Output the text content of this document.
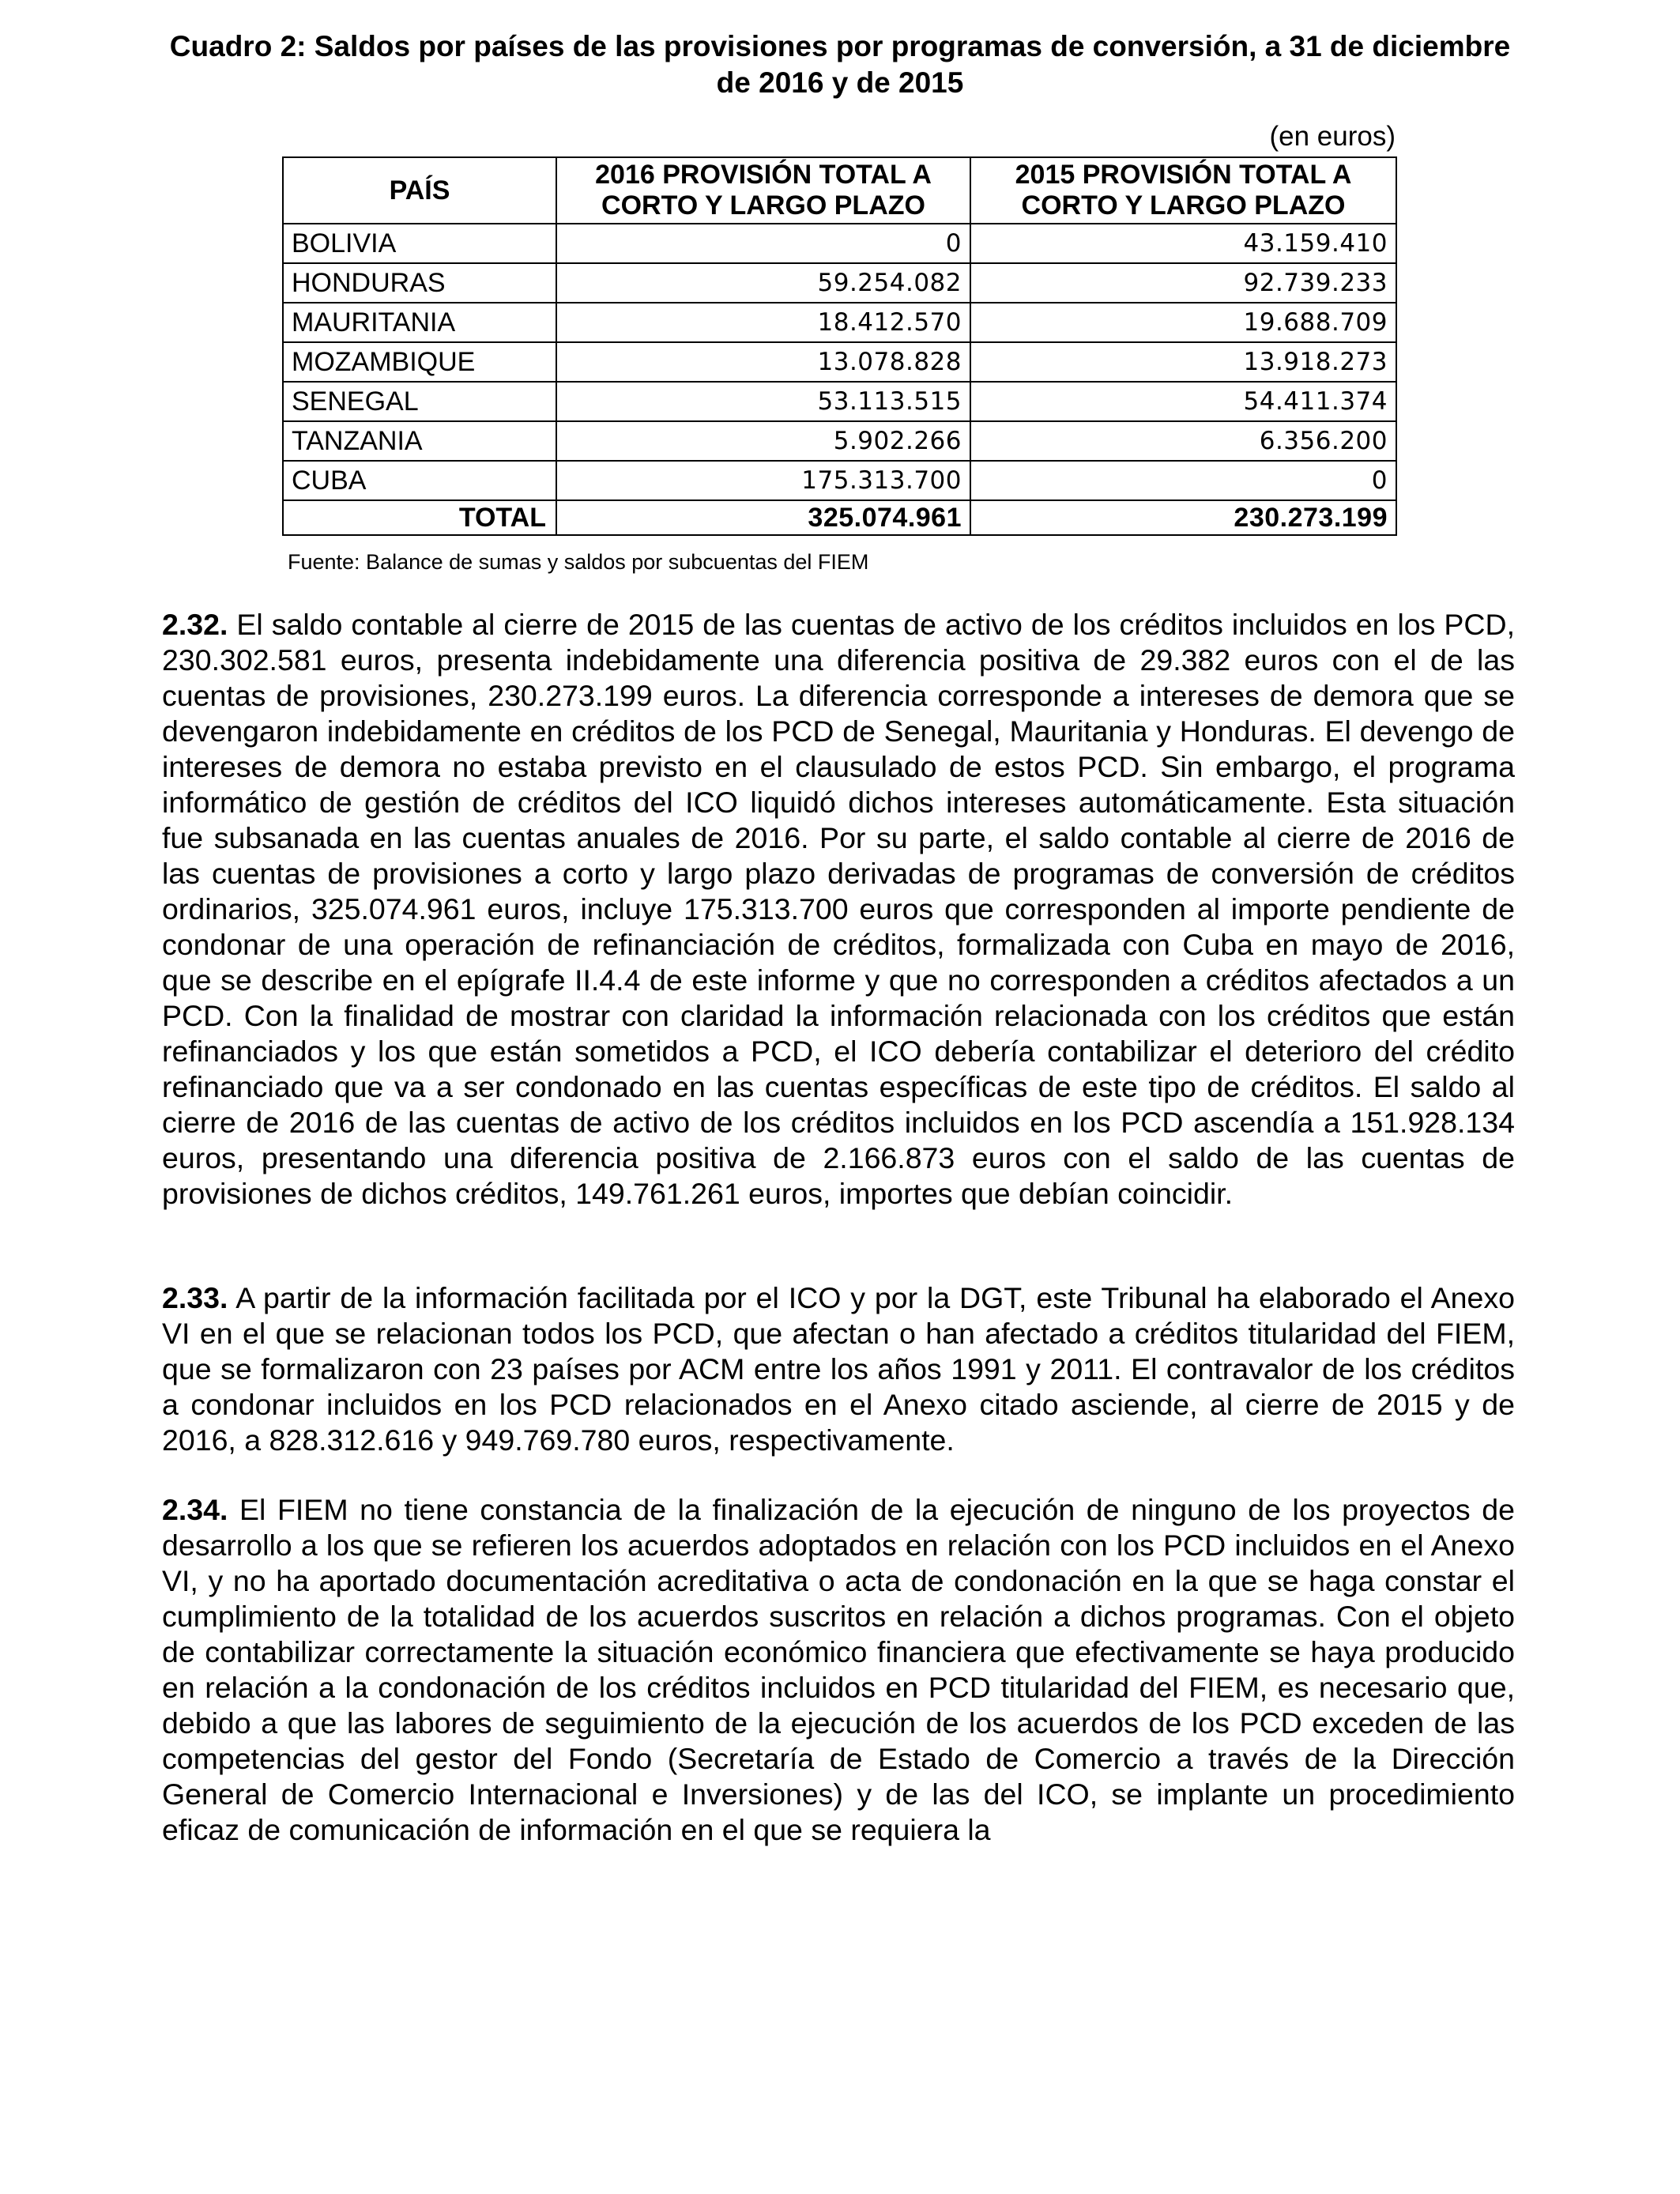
Cuadro 2: Saldos por países de las provisiones por programas de conversión, a 31 de diciembre de 2016 y de 2015
(en euros)
PAÍS	2016 PROVISIÓN TOTAL A CORTO Y LARGO PLAZO	2015 PROVISIÓN TOTAL A CORTO Y LARGO PLAZO
BOLIVIA	0	43.159.410
HONDURAS	59.254.082	92.739.233
MAURITANIA	18.412.570	19.688.709
MOZAMBIQUE	13.078.828	13.918.273
SENEGAL	53.113.515	54.411.374
TANZANIA	5.902.266	6.356.200
CUBA	175.313.700	0
TOTAL	325.074.961	230.273.199
Fuente: Balance de sumas y saldos por subcuentas del FIEM

2.32. El saldo contable al cierre de 2015 de las cuentas de activo de los créditos incluidos en los PCD, 230.302.581 euros, presenta indebidamente una diferencia positiva de 29.382 euros con el de las cuentas de provisiones, 230.273.199 euros. La diferencia corresponde a intereses de demora que se devengaron indebidamente en créditos de los PCD de Senegal, Mauritania y Honduras. El devengo de intereses de demora no estaba previsto en el clausulado de estos PCD. Sin embargo, el programa informático de gestión de créditos del ICO liquidó dichos intereses automáticamente. Esta situación fue subsanada en las cuentas anuales de 2016. Por su parte, el saldo contable al cierre de 2016 de las cuentas de provisiones a corto y largo plazo derivadas de programas de conversión de créditos ordinarios, 325.074.961 euros, incluye 175.313.700 euros que corresponden al importe pendiente de condonar de una operación de refinanciación de créditos, formalizada con Cuba en mayo de 2016, que se describe en el epígrafe II.4.4 de este informe y que no corresponden a créditos afectados a un PCD. Con la finalidad de mostrar con claridad la información relacionada con los créditos que están refinanciados y los que están sometidos a PCD, el ICO debería contabilizar el deterioro del crédito refinanciado que va a ser condonado en las cuentas específicas de este tipo de créditos. El saldo al cierre de 2016 de las cuentas de activo de los créditos incluidos en los PCD ascendía a 151.928.134 euros, presentando una diferencia positiva de 2.166.873 euros con el saldo de las cuentas de provisiones de dichos créditos, 149.761.261 euros, importes que debían coincidir.

2.33. A partir de la información facilitada por el ICO y por la DGT, este Tribunal ha elaborado el Anexo VI en el que se relacionan todos los PCD, que afectan o han afectado a créditos titularidad del FIEM, que se formalizaron con 23 países por ACM entre los años 1991 y 2011. El contravalor de los créditos a condonar incluidos en los PCD relacionados en el Anexo citado asciende, al cierre de 2015 y de 2016, a 828.312.616 y 949.769.780 euros, respectivamente.

2.34. El FIEM no tiene constancia de la finalización de la ejecución de ninguno de los proyectos de desarrollo a los que se refieren los acuerdos adoptados en relación con los PCD incluidos en el Anexo VI, y no ha aportado documentación acreditativa o acta de condonación en la que se haga constar el cumplimiento de la totalidad de los acuerdos suscritos en relación a dichos programas. Con el objeto de contabilizar correctamente la situación económico financiera que efectivamente se haya producido en relación a la condonación de los créditos incluidos en PCD titularidad del FIEM, es necesario que, debido a que las labores de seguimiento de la ejecución de los acuerdos de los PCD exceden de las competencias del gestor del Fondo (Secretaría de Estado de Comercio a través de la Dirección General de Comercio Internacional e Inversiones) y de las del ICO, se implante un procedimiento eficaz de comunicación de información en el que se requiera la
